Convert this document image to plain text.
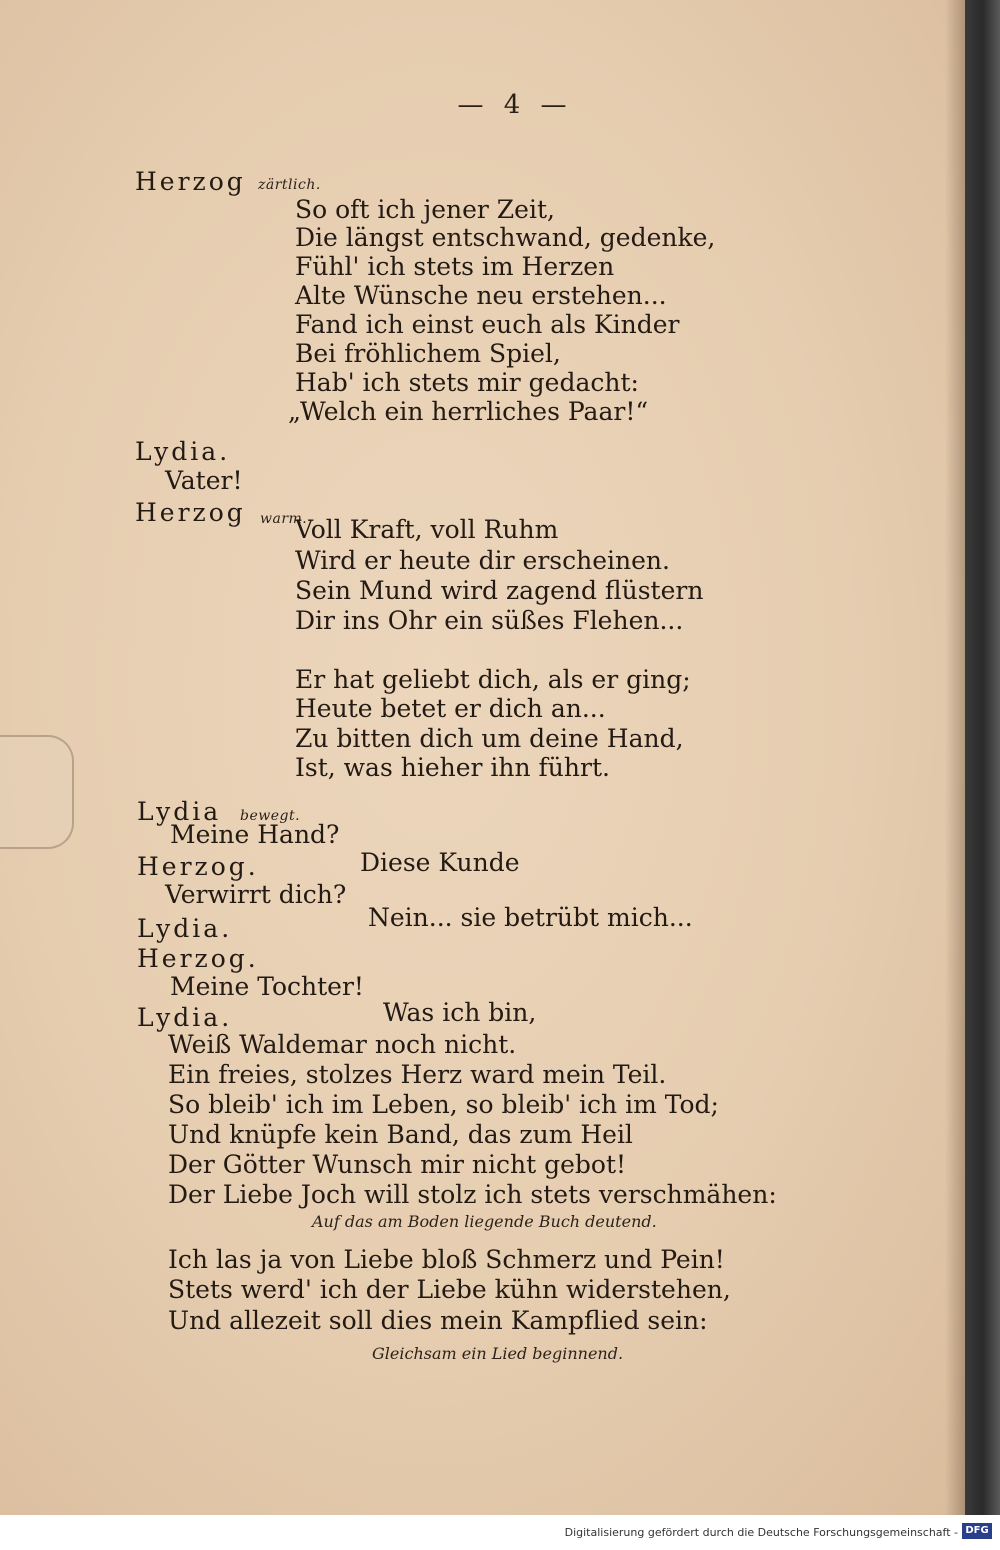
— 4 —
Herzog zärtlich.
So oft ich jener Zeit,
Die längst entschwand, gedenke,
Fühl' ich stets im Herzen
Alte Wünsche neu erstehen...
Fand ich einst euch als Kinder
Bei fröhlichem Spiel,
Hab' ich stets mir gedacht:
„Welch ein herrliches Paar!“
Lydia.
Vater!
Herzog warm.
Voll Kraft, voll Ruhm
Wird er heute dir erscheinen.
Sein Mund wird zagend flüstern
Dir ins Ohr ein süßes Flehen...
Er hat geliebt dich, als er ging;
Heute betet er dich an...
Zu bitten dich um deine Hand,
Ist, was hieher ihn führt.
Lydia bewegt.
Meine Hand?
Herzog.	Diese Kunde
Verwirrt dich?
Lydia.	Nein... sie betrübt mich...
Herzog.
Meine Tochter!
Lydia.	Was ich bin,
Weiß Waldemar noch nicht.
Ein freies, stolzes Herz ward mein Teil.
So bleib' ich im Leben, so bleib' ich im Tod;
Und knüpfe kein Band, das zum Heil
Der Götter Wunsch mir nicht gebot!
Der Liebe Joch will stolz ich stets verschmähen:
Auf das am Boden liegende Buch deutend.
Ich las ja von Liebe bloß Schmerz und Pein!
Stets werd' ich der Liebe kühn widerstehen,
Und allezeit soll dies mein Kampflied sein:
Gleichsam ein Lied beginnend.
Digitalisierung gefördert durch die Deutsche Forschungsgemeinschaft - DFG
